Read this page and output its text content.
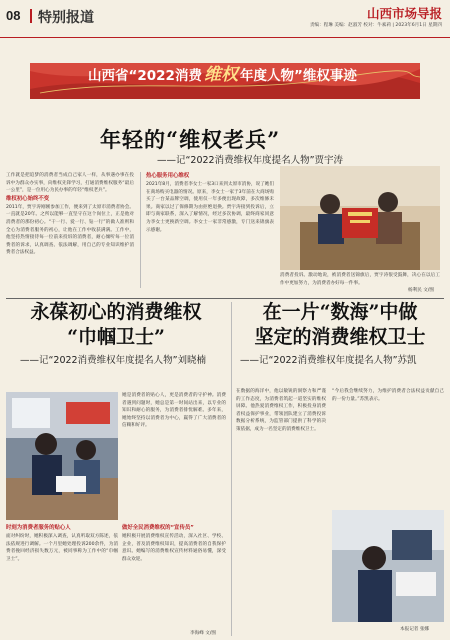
08 特别报道	山西市场导报
责编：程琳 美编：赵淑芳 校对：牛素莉 | 2023年6月1日 星期四
山西省“2022消费 维权 年度人物”维权事迹
年轻的“维权老兵”
——记“2022消费维权年度提名人物”贾宇涛

工作就是把追梦的消费者当成自己家人一样，从事遇办事在投诉中为群众办实事，向维权先锋学习，打通消费维权服务“最后一公里”，是一位用心为民办事的年轻“维权老兵”。

维权初心始终不变

2011年，贾宇涛刚刚参加工作，便来到了太原市消费者协会。一直就是20年。之所以能够一直坚守在这个岗位上，正是他对消费者的那份初心。“干一行、爱一行、钻一行”的做人准则和全心为消费者服务的初心，让他在工作中收获满满。工作中，他坚持热情接待每一位前来投诉的消费者，耐心倾听每一位消费者的诉求，认真调查、依法调解，用自己的专业知识维护消费者合法权益。

热心服务用心维权

2021年8月，消费者李女士一家3口来到太原市消协，说了她们在商场购买电器的情况。原来，李女士一家于3年前在大商场购买了一台某品牌空调，使用仅一年多便出现故障，多次维修未果。商家以过了保修期为由拒绝退换。贾宇涛接到投诉后，立即与商家联系，深入了解情况，经过多次协调，最终商家同意为李女士更换新空调。李女士一家非常感激，专门送来锦旗表示感谢。

消费者投诉。激动地说，被消费者送锦旗后，贾宇涛很受鼓舞，决心在以后工作中更加努力，为消费者办好每一件事。

杨利民 文/图
永葆初心的消费维权
“巾帼卫士”
——记“2022消费维权年度提名人物”刘晓楠

她是消费者的贴心人，更是消费者的守护神。消费者遇到问题时，她总是第一时间站出来，以专业的知识和耐心的服务，为消费者排忧解难。多年来，她始终坚持以消费者为中心，赢得了广大消费者的信赖和好评。

时刻为消费者服务的贴心人

面对纠纷时，她积极深入调查，认真听取双方陈述，依法依规进行调解。一个月里她处理投诉200余件，为消费者挽回经济损失数万元，被同事称为工作中的“巾帼卫士”。

做好全民消费维权的“宣传员”

她积极开展消费维权宣传活动，深入社区、学校、企业，普及消费维权知识，提高消费者的自我保护意识。她编写的消费维权宣传材料通俗易懂，深受群众欢迎。

李海峰 文/图
在一片“数海”中做
坚定的消费维权卫士
——记“2022消费维权年度提名人物”苏凯

在数据的海洋中，他以敏锐的洞察力和严谨的工作态度，为消费者筑起一道坚实的维权屏障。他热爱消费维权工作，积极投身消费者权益保护事业，带领团队建立了消费投诉数据分析系统，为监管部门提供了科学的决策依据，成为一名坚定的消费维权卫士。

“今后我会继续努力，为维护消费者合法权益贡献自己的一份力量。”苏凯表示。

本报记者 张娜
